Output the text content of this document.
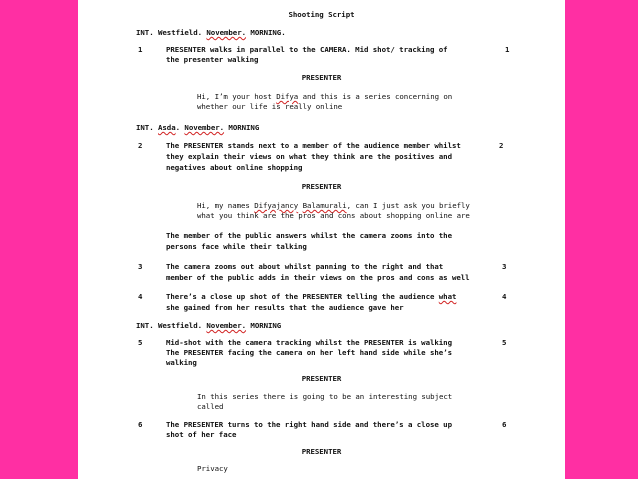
Shooting Script
INT. Westfield. November. MORNING.
1	PRESENTER walks in parallel to the CAMERA. Mid shot/ tracking of
the presenter walking
1
PRESENTER
Hi, I’m your host Difya and this is a series concerning on
whether our life is really online
INT. Asda. November. MORNING
2	The PRESENTER stands next to a member of the audience member whilst
they explain their views on what they think are the positives and
negatives about online shopping
2
PRESENTER
Hi, my names Difyajancy Balamurali, can I just ask you briefly
what you think are the pros and cons about shopping online are
The member of the public answers whilst the camera zooms into the
persons face while their talking
3	The camera zooms out about whilst panning to the right and that
member of the public adds in their views on the pros and cons as well
3
4	There’s a close up shot of the PRESENTER telling the audience what
she gained from her results that the audience gave her
4
INT. Westfield. November. MORNING
5	Mid-shot with the camera tracking whilst the PRESENTER is walking
The PRESENTER facing the camera on her left hand side while she’s
walking
5
PRESENTER
In this series there is going to be an interesting subject
called
6	The PRESENTER turns to the right hand side and there’s a close up
shot of her face
6
PRESENTER
Privacy
